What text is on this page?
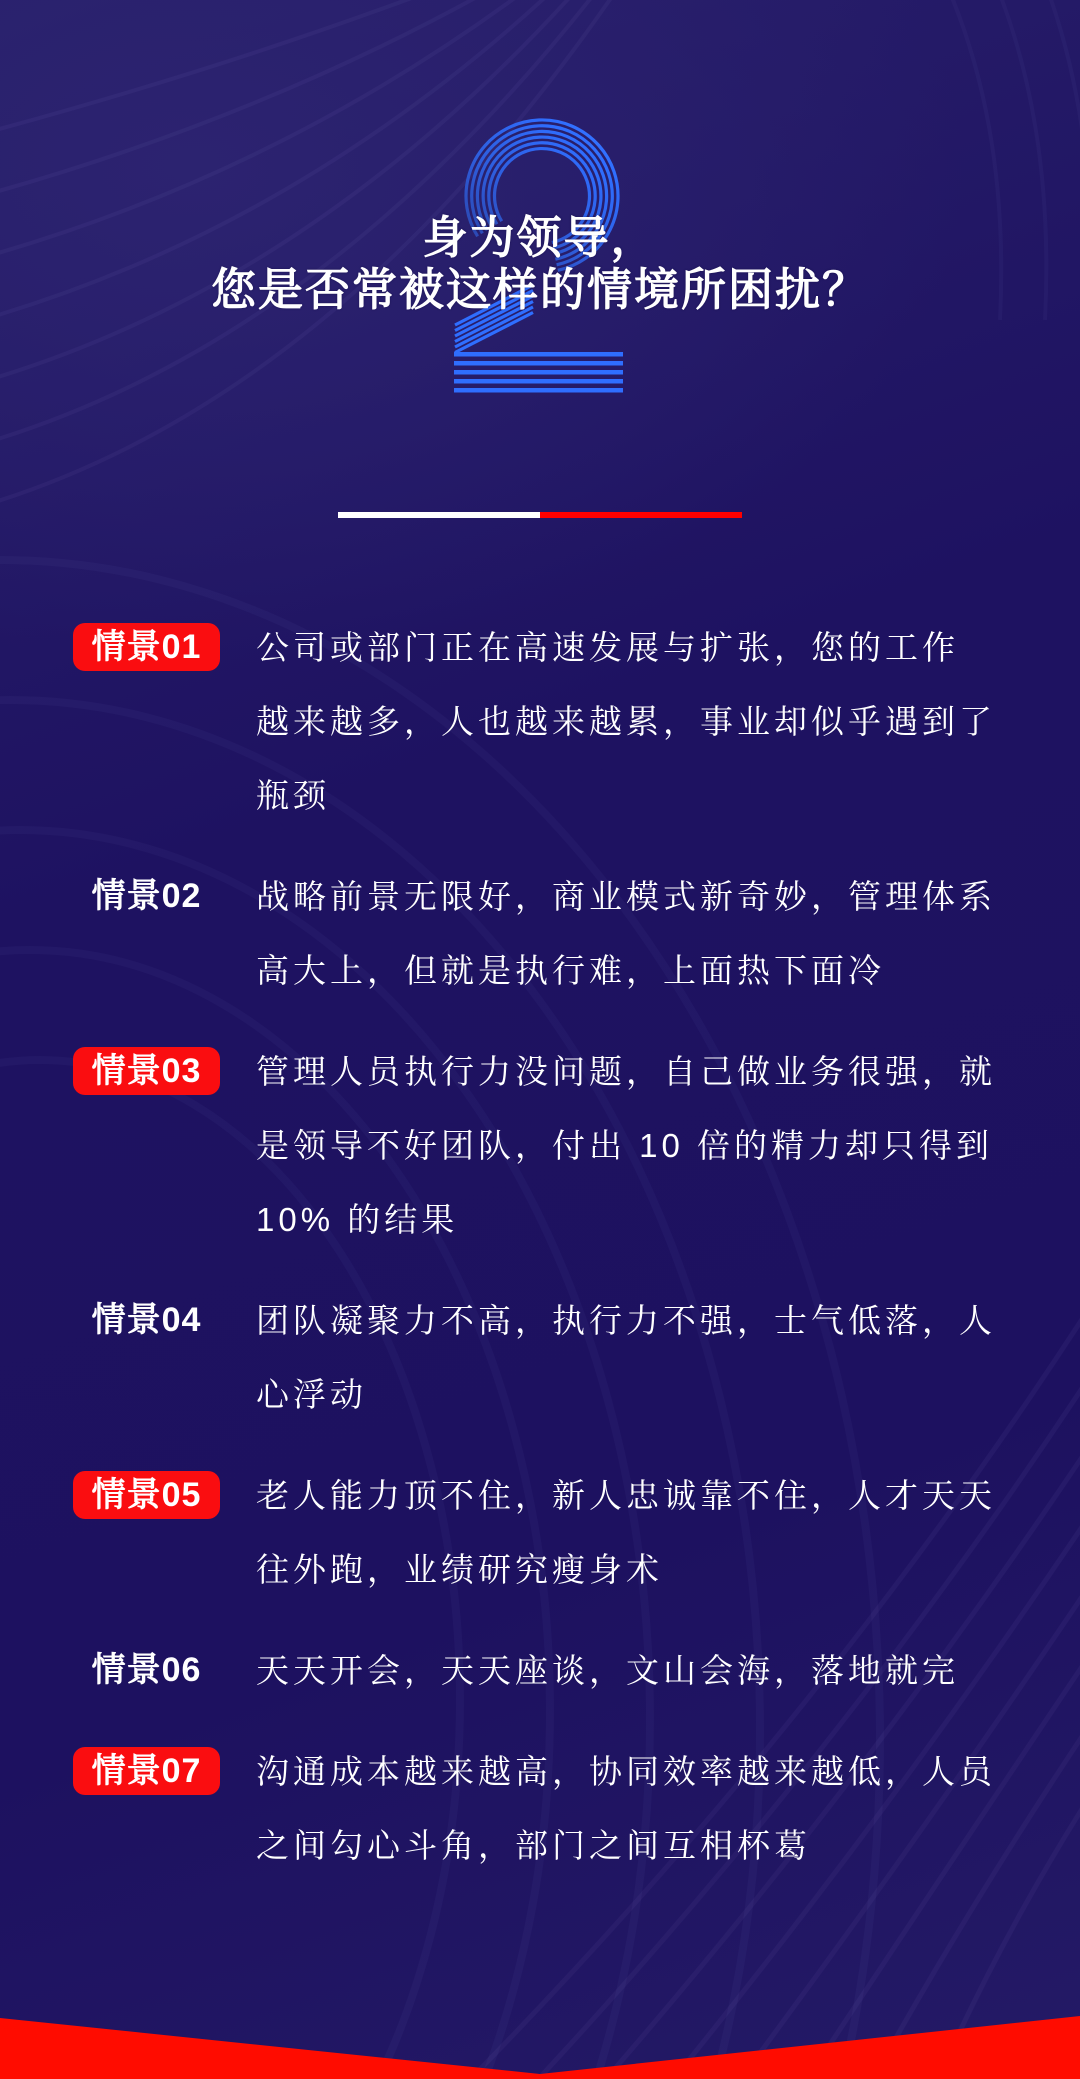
身为领导，
您是否常被这样的情境所困扰？
情景01	公司或部门正在高速发展与扩张，您的工作
越来越多，人也越来越累，事业却似乎遇到了
瓶颈
情景02	战略前景无限好，商业模式新奇妙，管理体系
高大上，但就是执行难，上面热下面冷
情景03	管理人员执行力没问题，自己做业务很强，就
是领导不好团队，付出 10 倍的精力却只得到
10% 的结果
情景04	团队凝聚力不高，执行力不强，士气低落，人
心浮动
情景05	老人能力顶不住，新人忠诚靠不住，人才天天
往外跑，业绩研究瘦身术
情景06	天天开会，天天座谈，文山会海，落地就完
情景07	沟通成本越来越高，协同效率越来越低，人员
之间勾心斗角，部门之间互相杯葛
